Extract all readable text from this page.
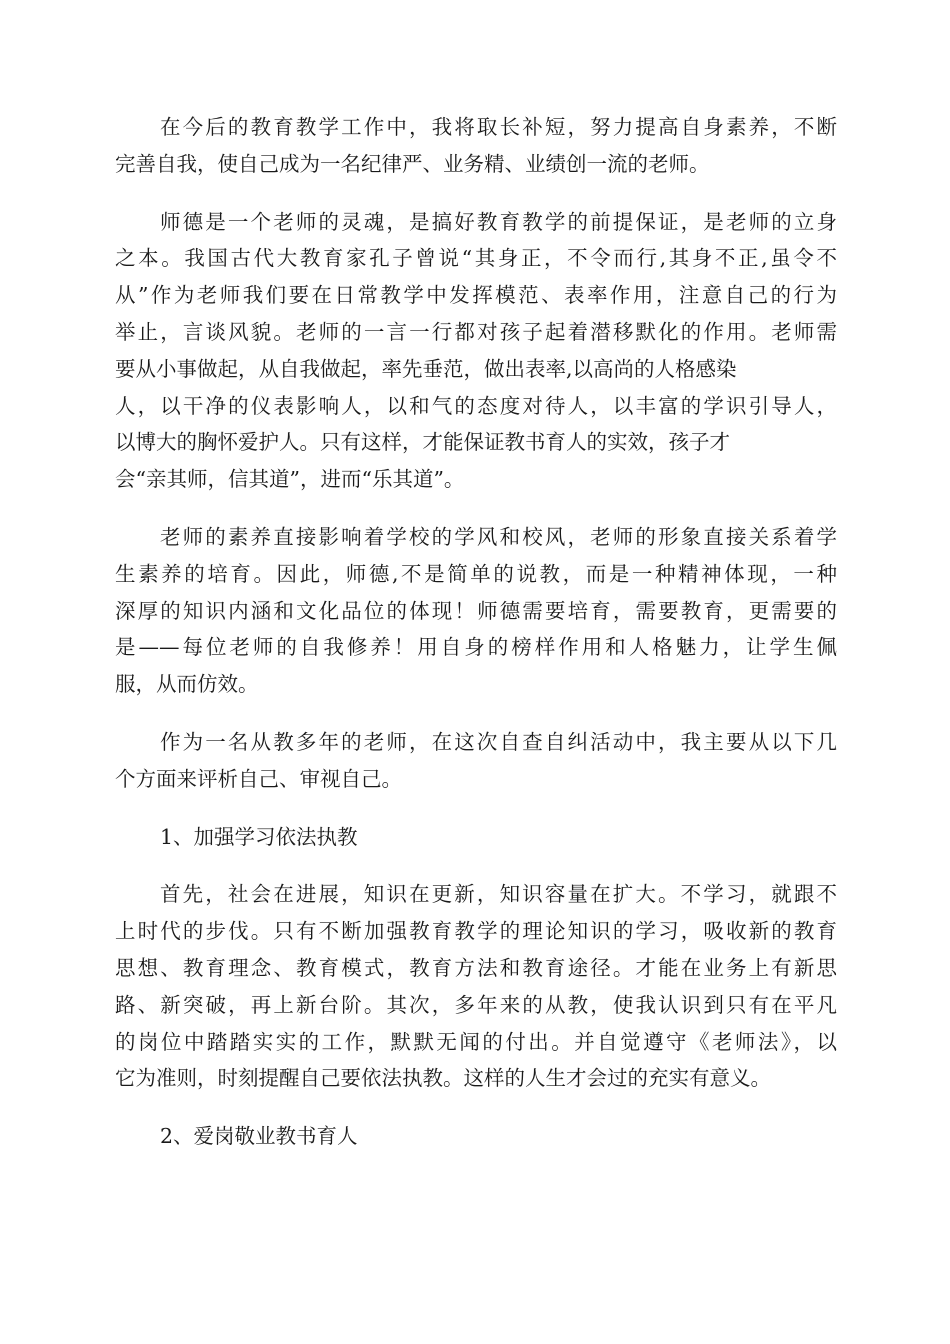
在今后的教育教学工作中，我将取长补短，努力提高自身素养，不断
完善自我，使自己成为一名纪律严、业务精、业绩创一流的老师。

师德是一个老师的灵魂，是搞好教育教学的前提保证，是老师的立身
之本。我国古代大教育家孔子曾说“其身正，不令而行,其身不正,虽令不
从”作为老师我们要在日常教学中发挥模范、表率作用，注意自己的行为
举止，言谈风貌。老师的一言一行都对孩子起着潜移默化的作用。老师需
要从小事做起，从自我做起，率先垂范，做出表率,以高尚的人格感染
人，以干净的仪表影响人，以和气的态度对待人，以丰富的学识引导人，
以博大的胸怀爱护人。只有这样，才能保证教书育人的实效，孩子才
会“亲其师，信其道”，进而“乐其道”。

老师的素养直接影响着学校的学风和校风，老师的形象直接关系着学
生素养的培育。因此，师德,不是简单的说教，而是一种精神体现，一种
深厚的知识内涵和文化品位的体现！师德需要培育，需要教育，更需要的
是——每位老师的自我修养！用自身的榜样作用和人格魅力，让学生佩
服，从而仿效。

作为一名从教多年的老师，在这次自查自纠活动中，我主要从以下几
个方面来评析自己、审视自己。

1、加强学习依法执教

首先，社会在进展，知识在更新，知识容量在扩大。不学习，就跟不
上时代的步伐。只有不断加强教育教学的理论知识的学习，吸收新的教育
思想、教育理念、教育模式，教育方法和教育途径。才能在业务上有新思
路、新突破，再上新台阶。其次，多年来的从教，使我认识到只有在平凡
的岗位中踏踏实实的工作，默默无闻的付出。并自觉遵守《老师法》，以
它为准则，时刻提醒自己要依法执教。这样的人生才会过的充实有意义。

2、爱岗敬业教书育人
